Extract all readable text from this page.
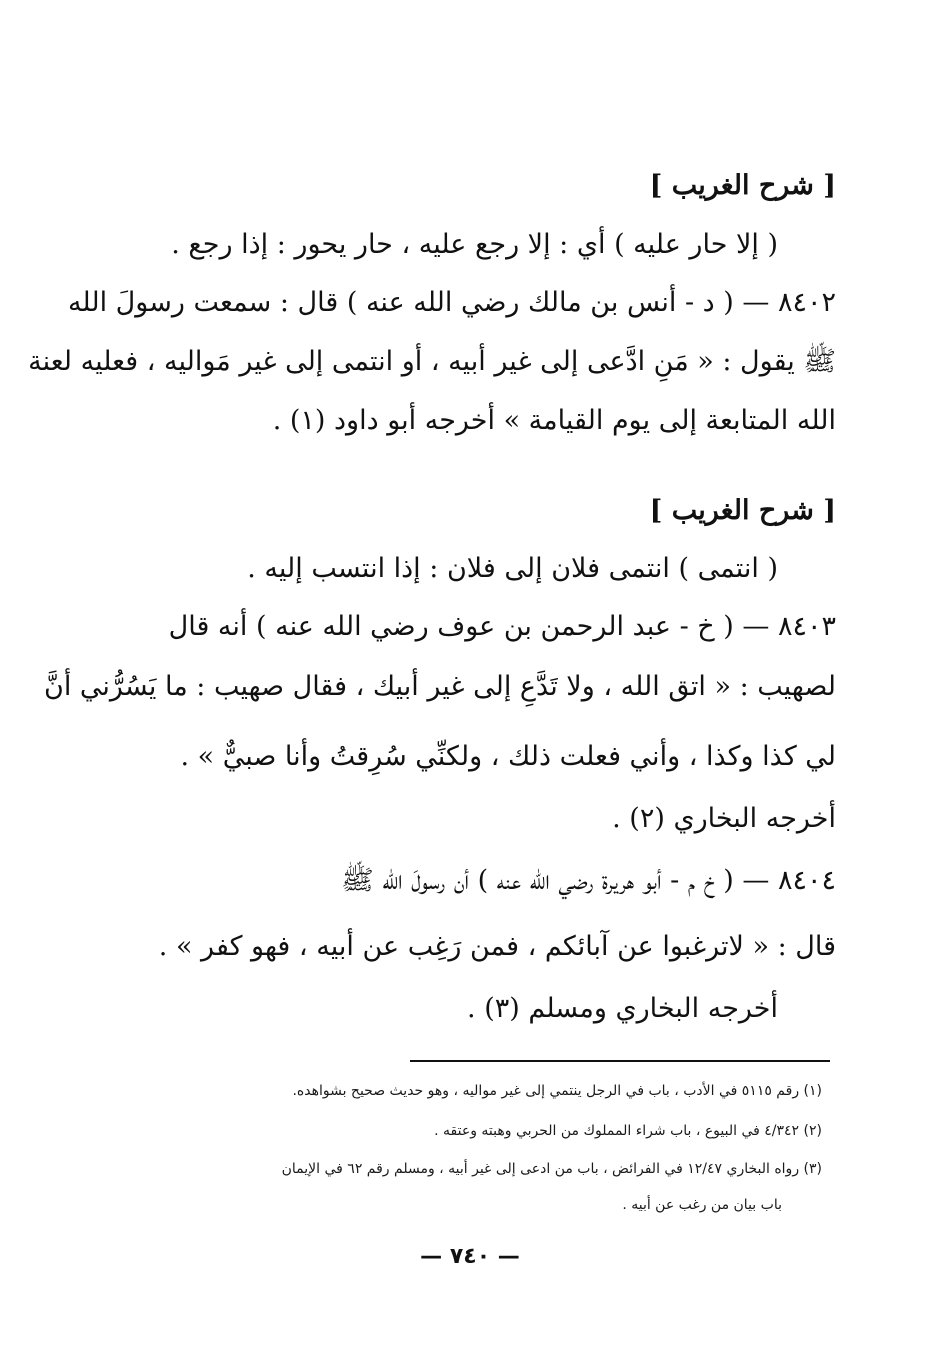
[ شرح الغريب ]
( إلا حار عليه ) أي : إلا رجع عليه ، حار يحور : إذا رجع .
٨٤٠٢ — ( د - أنس بن مالك رضي الله عنه ) قال : سمعت رسولَ الله
ﷺ يقول : « مَنِ ادَّعى إلى غير أبيه ، أو انتمى إلى غير مَواليه ، فعليه لعنة
الله المتابعة إلى يوم القيامة » أخرجه أبو داود (١) .
[ شرح الغريب ]
( انتمى ) انتمى فلان إلى فلان : إذا انتسب إليه .
٨٤٠٣ — ( خ - عبد الرحمن بن عوف رضي الله عنه ) أنه قال
لصهيب : « اتق الله ، ولا تَدَّعِ إلى غير أبيك ، فقال صهيب : ما يَسُرُّني أنَّ
لي كذا وكذا ، وأني فعلت ذلك ، ولكنِّي سُرِقتُ وأنا صبيٌّ » .
أخرجه البخاري (٢) .
٨٤٠٤ — ( خ م - أبو هريرة رضي الله عنه ) أن رسولَ الله ﷺ
قال : « لاترغبوا عن آبائكم ، فمن رَغِب عن أبيه ، فهو كفر » .
أخرجه البخاري ومسلم (٣) .
(١) رقم ٥١١٥ في الأدب ، باب في الرجل ينتمي إلى غير مواليه ، وهو حديث صحيح بشواهده.
(٢) ٤/٣٤٢ في البيوع ، باب شراء المملوك من الحربي وهبته وعتقه .
(٣) رواه البخاري ١٢/٤٧ في الفرائض ، باب من ادعى إلى غير أبيه ، ومسلم رقم ٦٢ في الإيمان
باب بيان من رغب عن أبيه .
— ٧٤٠ —
